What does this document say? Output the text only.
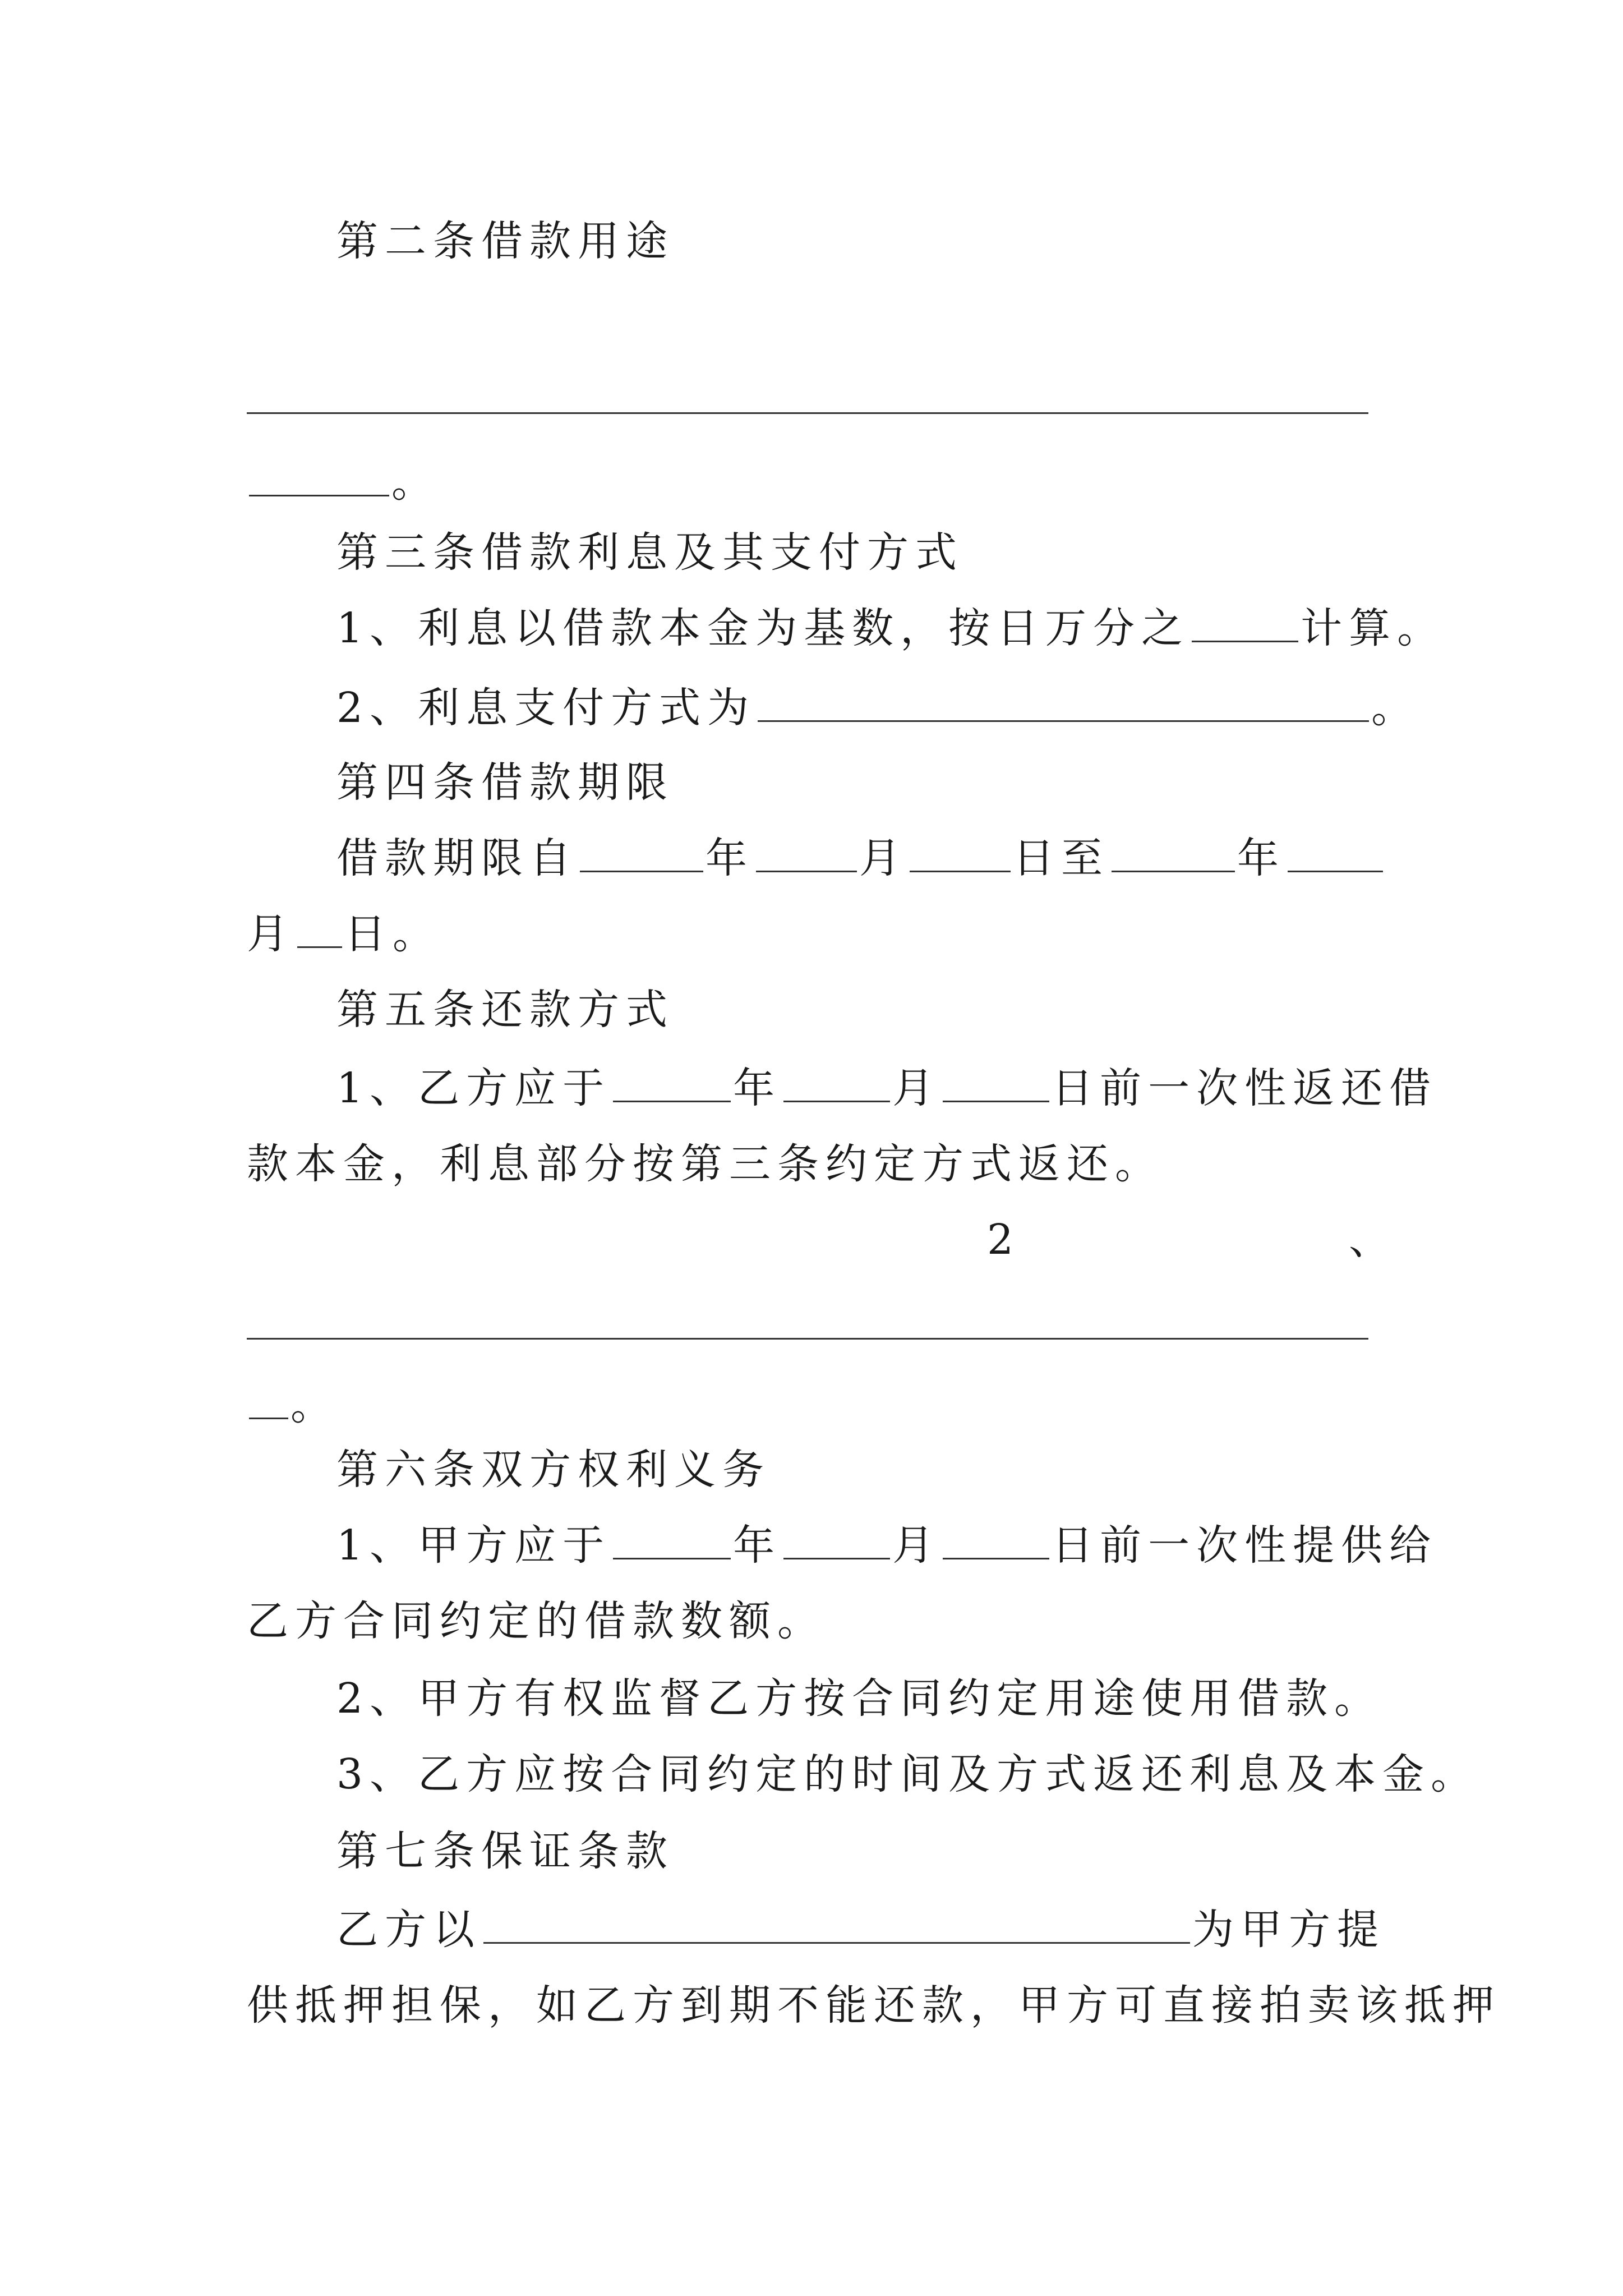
第二条借款用途
。
第三条借款利息及其支付方式
1、利息以借款本金为基数，按日万分之	计算。
2、利息支付方式为	。
第四条借款期限
借款期限自	年	月	日至	年
月 日。
第五条还款方式
1、乙方应于	年	月	日前一次性返还借
款本金，利息部分按第三条约定方式返还。
2	、
。
第六条双方权利义务
1、甲方应于	年	月	日前一次性提供给
乙方合同约定的借款数额。
2、甲方有权监督乙方按合同约定用途使用借款。
3、乙方应按合同约定的时间及方式返还利息及本金。
第七条保证条款
乙方以	为甲方提
供抵押担保，如乙方到期不能还款，甲方可直接拍卖该抵押
